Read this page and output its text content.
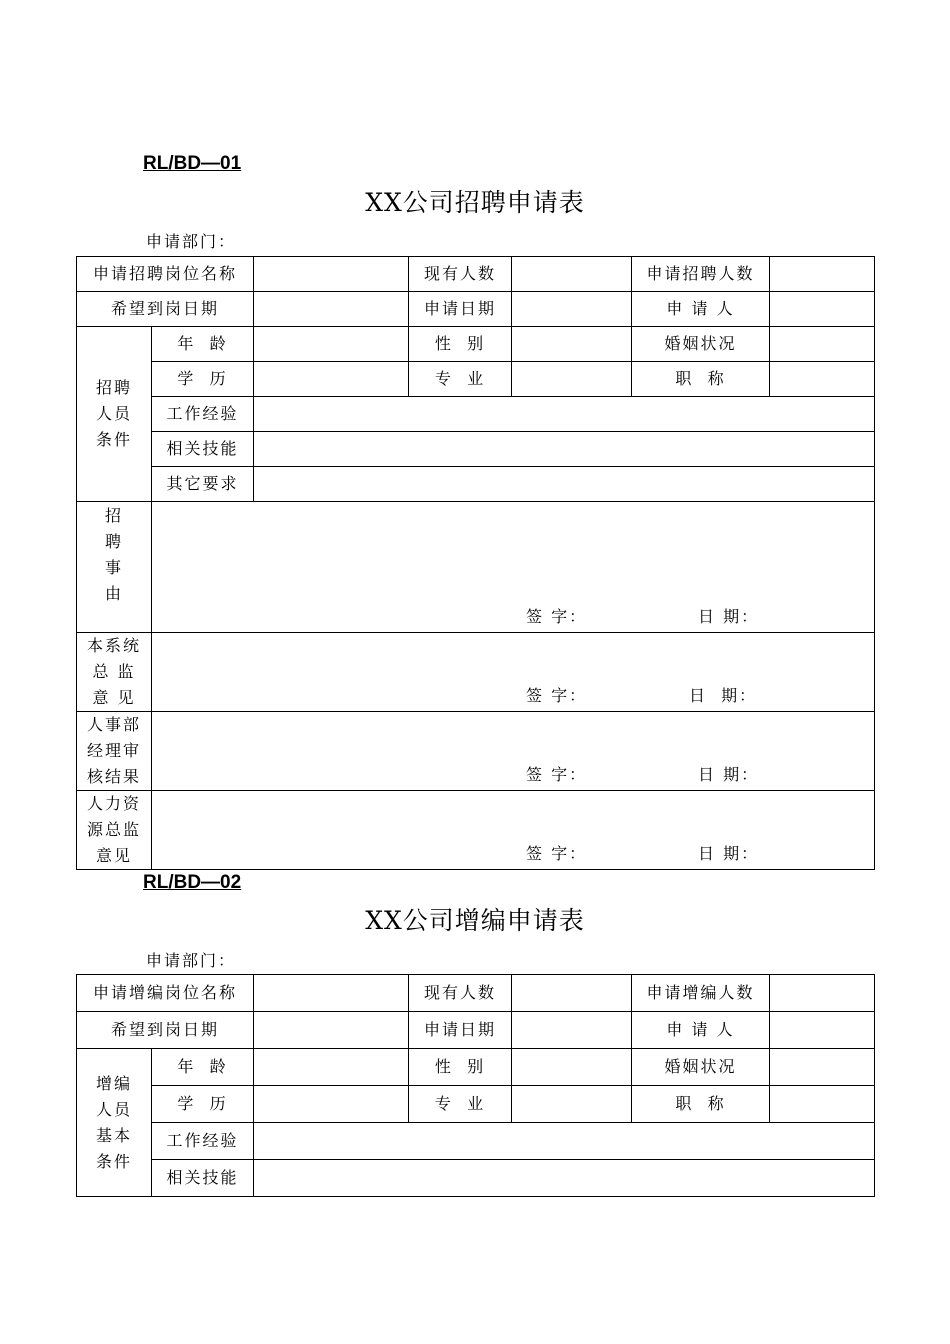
RL/BD—01
XX公司招聘申请表
申请部门：
申请招聘岗位名称			现有人数		申请招聘人数	
希望到岗日期			申请日期		申 请 人	
招聘
人员
条件	年  龄		性  别		婚姻状况	
	学  历		专  业		职  称	
	工作经验					
	相关技能					
	其它要求					
招
聘
事
由	签 字： 日 期：					

本系统
总 监
意 见	签 字： 日  期：					

人事部
经理审
核结果	签 字： 日 期：					

人力资
源总监
意见	签 字： 日 期：					
RL/BD—02
XX公司增编申请表
申请部门：
申请增编岗位名称			现有人数		申请增编人数	
希望到岗日期			申请日期		申 请 人	
增编
人员
基本
条件	年  龄		性  别		婚姻状况	
	学  历		专  业		职  称	
	工作经验					
	相关技能					
